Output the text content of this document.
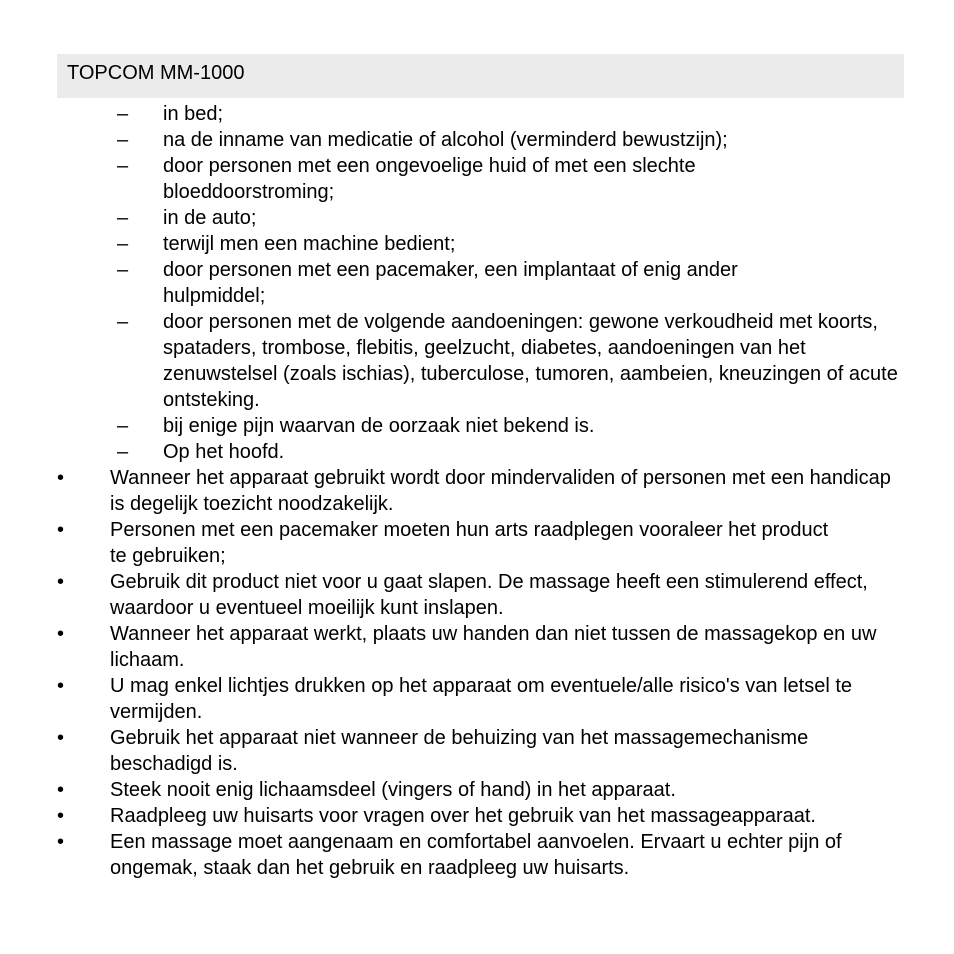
TOPCOM MM-1000
– in bed;
– na de inname van medicatie of alcohol (verminderd bewustzijn);
– door personen met een ongevoelige huid of met een slechte bloeddoorstroming;
– in de auto;
– terwijl men een machine bedient;
– door personen met een pacemaker, een implantaat of enig ander hulpmiddel;
– door personen met de volgende aandoeningen: gewone verkoudheid met koorts, spataders, trombose, flebitis, geelzucht, diabetes, aandoeningen van het zenuwstelsel (zoals ischias), tuberculose, tumoren, aambeien, kneuzingen of acute ontsteking.
– bij enige pijn waarvan de oorzaak niet bekend is.
– Op het hoofd.
• Wanneer het apparaat gebruikt wordt door mindervaliden of personen met een handicap is degelijk toezicht noodzakelijk.
• Personen met een pacemaker moeten hun arts raadplegen vooraleer het product te gebruiken;
• Gebruik dit product niet voor u gaat slapen. De massage heeft een stimulerend effect, waardoor u eventueel moeilijk kunt inslapen.
• Wanneer het apparaat werkt, plaats uw handen dan niet tussen de massagekop en uw lichaam.
• U mag enkel lichtjes drukken op het apparaat om eventuele/alle risico's van letsel te vermijden.
• Gebruik het apparaat niet wanneer de behuizing van het massagemechanisme beschadigd is.
• Steek nooit enig lichaamsdeel (vingers of hand) in het apparaat.
• Raadpleeg uw huisarts voor vragen over het gebruik van het massageapparaat.
• Een massage moet aangenaam en comfortabel aanvoelen. Ervaart u echter pijn of ongemak, staak dan het gebruik en raadpleeg uw huisarts.
